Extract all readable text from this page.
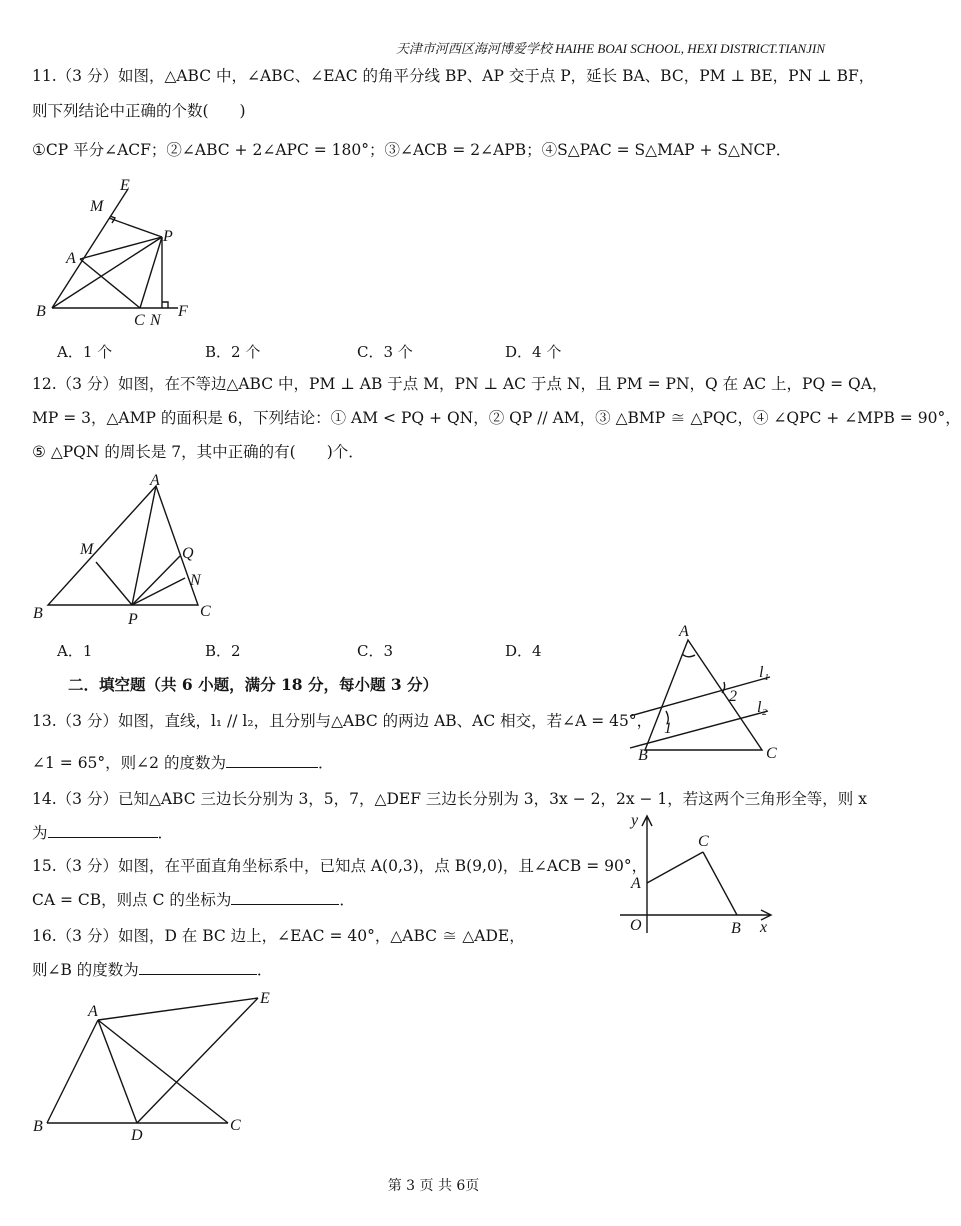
天津市河西区海河博爱学校 HAIHE BOAI SCHOOL, HEXI DISTRICT.TIANJIN
11.（3 分）如图，△ABC 中，∠ABC、∠EAC 的角平分线 BP、AP 交于点 P，延长 BA、BC，PM ⊥ BE，PN ⊥ BF，
则下列结论中正确的个数(　　)
①CP 平分∠ACF；②∠ABC + 2∠APC = 180°；③∠ACB = 2∠APB；④S△PAC = S△MAP + S△NCP．
E
M
P
A
B
C N
F
A．1 个	B．2 个	C．3 个	D．4 个
12.（3 分）如图，在不等边△ABC 中，PM ⊥ AB 于点 M，PN ⊥ AC 于点 N，且 PM = PN，Q 在 AC 上，PQ = QA，
MP = 3，△AMP 的面积是 6，下列结论：① AM < PQ + QN，② QP // AM，③ △BMP ≅ △PQC，④ ∠QPC + ∠MPB = 90°，
⑤ △PQN 的周长是 7，其中正确的有(　　)个．
A
M	Q
N
B	P	C
A．1	B．2	C．3	D．4
二．填空题（共 6 小题，满分 18 分，每小题 3 分）
13.（3 分）如图，直线，l₁ // l₂，且分别与△ABC 的两边 AB、AC 相交，若∠A = 45°，
∠1 = 65°，则∠2 的度数为	．
A
l₁
2
l₂
1
B	C
14.（3 分）已知△ABC 三边长分别为 3，5，7，△DEF 三边长分别为 3，3x − 2，2x − 1，若这两个三角形全等，则 x
为	．
15.（3 分）如图，在平面直角坐标系中，已知点 A(0,3)，点 B(9,0)，且∠ACB = 90°，
CA = CB，则点 C 的坐标为	．
y
C
A
O	B x
16.（3 分）如图，D 在 BC 边上，∠EAC = 40°，△ABC ≅ △ADE，
则∠B 的度数为	．
A
E
B
D
C
第 3 页 共 6页
